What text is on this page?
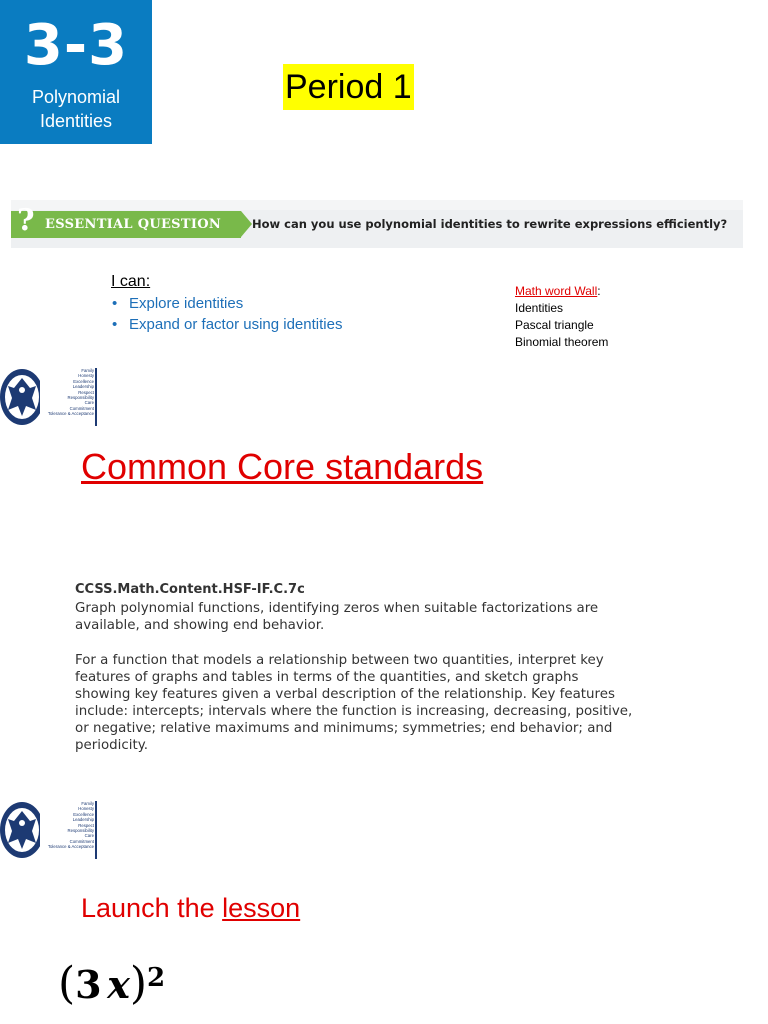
3-3
Polynomial
Identities
Period 1
? ESSENTIAL QUESTION	How can you use polynomial identities to rewrite expressions efficiently?
I can:
• Explore identities
• Expand or factor using identities
Math word Wall:
Identities
Pascal triangle
Binomial theorem
Family
Honesty
Excellence
Leadership
Respect
Responsibility
Care
Commitment
Tolerance & Acceptance
Common Core standards
CCSS.Math.Content.HSF-IF.C.7c
Graph polynomial functions, identifying zeros when suitable factorizations are available, and showing end behavior.
For a function that models a relationship between two quantities, interpret key features of graphs and tables in terms of the quantities, and sketch graphs showing key features given a verbal description of the relationship. Key features include: intercepts; intervals where the function is increasing, decreasing, positive, or negative; relative maximums and minimums; symmetries; end behavior; and periodicity.
Family
Honesty
Excellence
Leadership
Respect
Responsibility
Care
Commitment
Tolerance & Acceptance
Launch the lesson
(3 x)$^2$
